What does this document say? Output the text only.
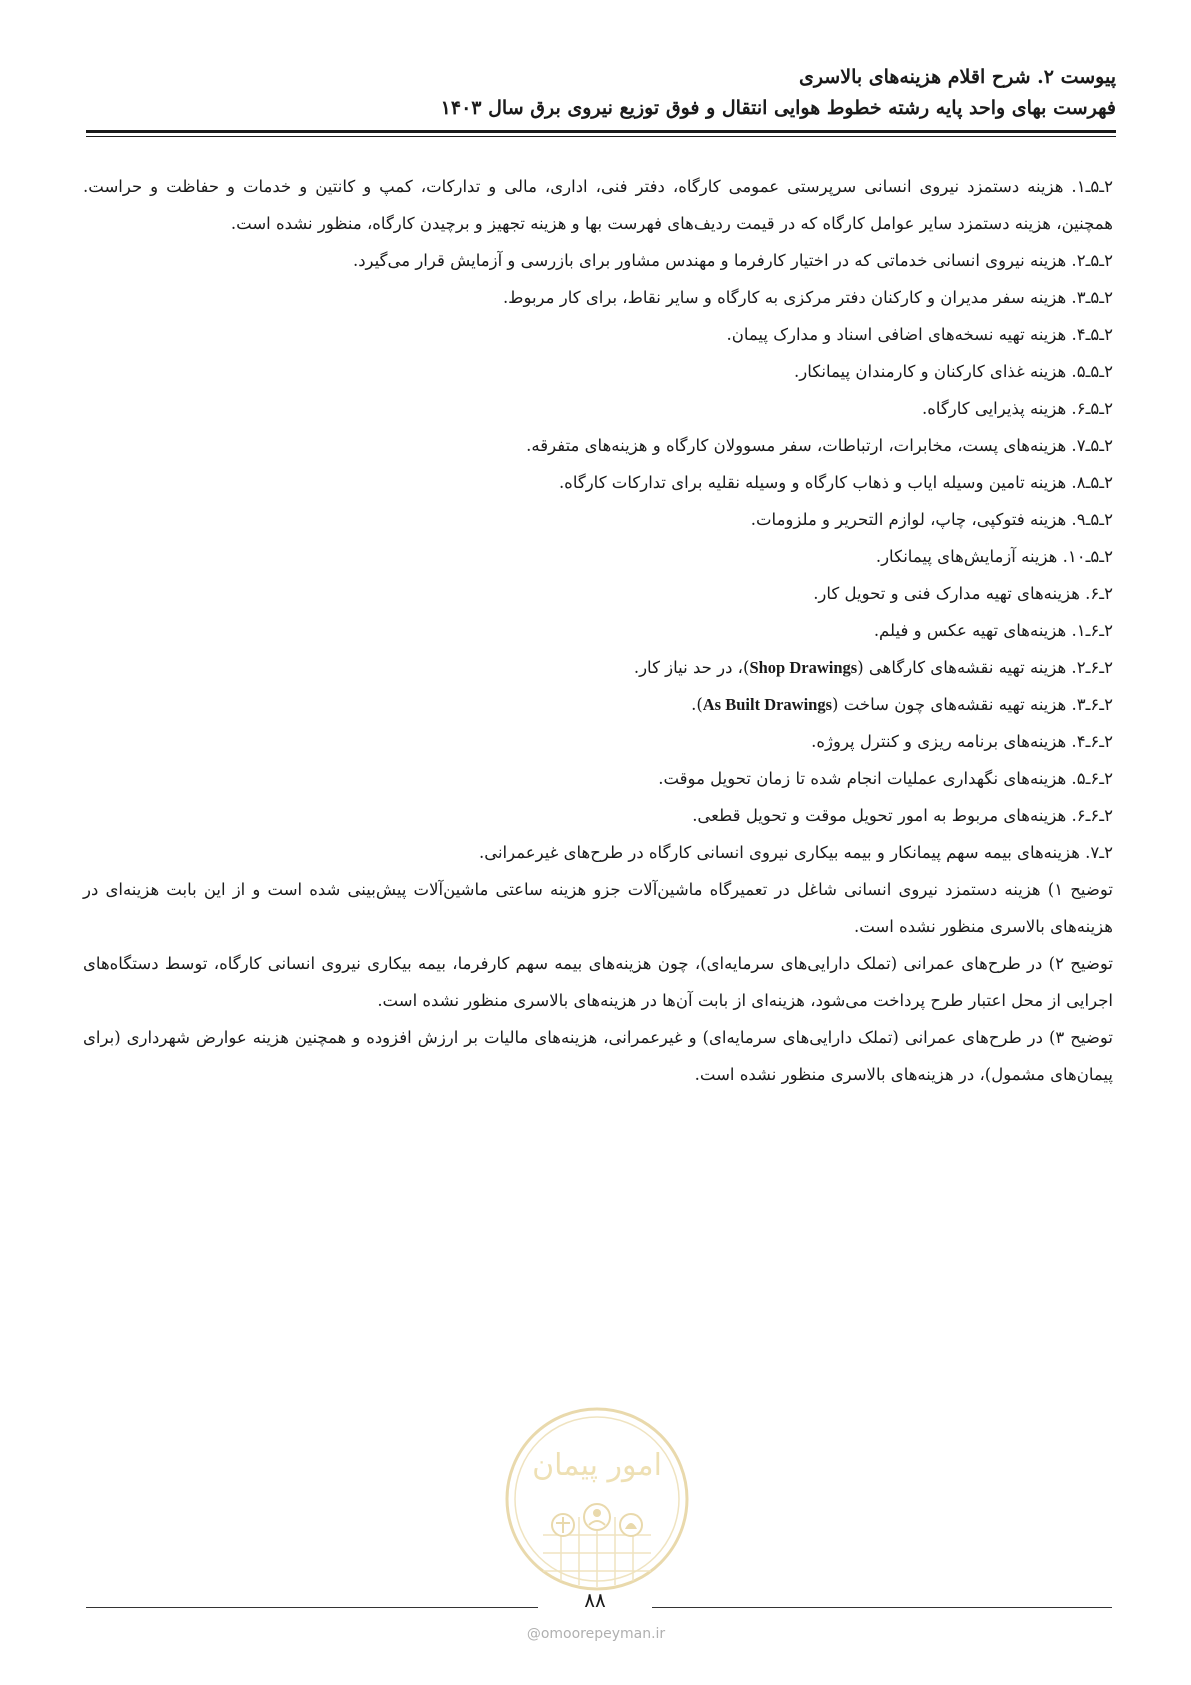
پیوست ۲. شرح اقلام هزینه‌های بالاسری
فهرست بهای واحد پایه رشته خطوط هوایی انتقال و فوق توزیع نیروی برق سال ۱۴۰۳

۲ـ۵ـ۱. هزینه دستمزد نیروی انسانی سرپرستی عمومی کارگاه، دفتر فنی، اداری، مالی و تدارکات، کمپ و کانتین و خدمات و حفاظت و حراست. همچنین، هزینه دستمزد سایر عوامل کارگاه که در قیمت ردیف‌های فهرست بها و هزینه تجهیز و برچیدن کارگاه، منظور نشده است.

۲ـ۵ـ۲. هزینه نیروی انسانی خدماتی که در اختیار کارفرما و مهندس مشاور برای بازرسی و آزمایش قرار می‌گیرد.

۲ـ۵ـ۳. هزینه سفر مدیران و کارکنان دفتر مرکزی به کارگاه و سایر نقاط، برای کار مربوط.

۲ـ۵ـ۴. هزینه تهیه نسخه‌های اضافی اسناد و مدارک پیمان.

۲ـ۵ـ۵. هزینه غذای کارکنان و کارمندان پیمانکار.

۲ـ۵ـ۶. هزینه پذیرایی کارگاه.

۲ـ۵ـ۷. هزینه‌های پست، مخابرات، ارتباطات، سفر مسوولان کارگاه و هزینه‌های متفرقه.

۲ـ۵ـ۸. هزینه تامین وسیله ایاب و ذهاب کارگاه و وسیله نقلیه برای تدارکات کارگاه.

۲ـ۵ـ۹. هزینه فتوکپی، چاپ، لوازم التحریر و ملزومات.

۲ـ۵ـ۱۰. هزینه آزمایش‌های پیمانکار.

۲ـ۶. هزینه‌های تهیه مدارک فنی و تحویل کار.

۲ـ۶ـ۱. هزینه‌های تهیه عکس و فیلم.

۲ـ۶ـ۲. هزینه تهیه نقشه‌های کارگاهی (Shop Drawings)، در حد نیاز کار.

۲ـ۶ـ۳. هزینه تهیه نقشه‌های چون ساخت (As Built Drawings).

۲ـ۶ـ۴. هزینه‌های برنامه ریزی و کنترل پروژه.

۲ـ۶ـ۵. هزینه‌های نگهداری عملیات انجام شده تا زمان تحویل موقت.

۲ـ۶ـ۶. هزینه‌های مربوط به امور تحویل موقت و تحویل قطعی.

۲ـ۷. هزینه‌های بیمه سهم پیمانکار و بیمه بیکاری نیروی انسانی کارگاه در طرح‌های غیرعمرانی.

توضیح ۱) هزینه دستمزد نیروی انسانی شاغل در تعمیرگاه ماشین‌آلات جزو هزینه ساعتی ماشین‌آلات پیش‌بینی شده است و از این بابت هزینه‌ای در هزینه‌های بالاسری منظور نشده است.

توضیح ۲) در طرح‌های عمرانی (تملک دارایی‌های سرمایه‌ای)، چون هزینه‌های بیمه سهم کارفرما، بیمه بیکاری نیروی انسانی کارگاه، توسط دستگاه‌های اجرایی از محل اعتبار طرح پرداخت می‌شود، هزینه‌ای از بابت آن‌ها در هزینه‌های بالاسری منظور نشده است.

توضیح ۳) در طرح‌های عمرانی (تملک دارایی‌های سرمایه‌ای) و غیرعمرانی، هزینه‌های مالیات بر ارزش افزوده و همچنین هزینه عوارض شهرداری (برای پیمان‌های مشمول)، در هزینه‌های بالاسری منظور نشده است.

امور پیمان
۸۸
@omoorepeyman.ir
